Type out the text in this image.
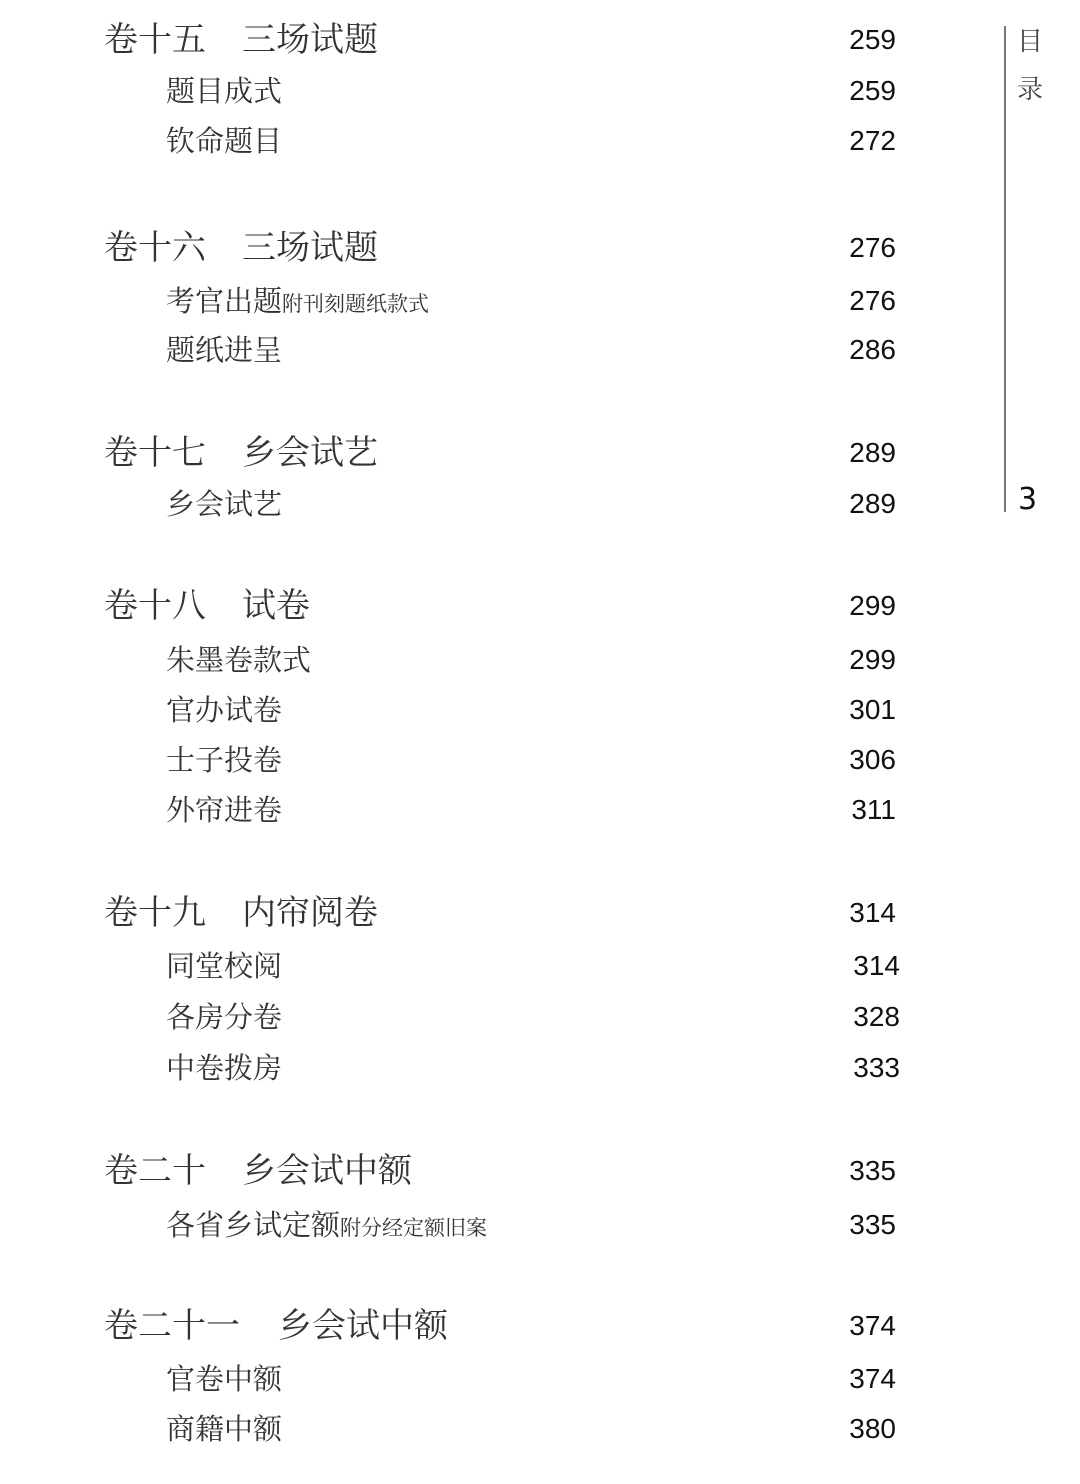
卷十五 三场试题	259
题目成式	259
钦命题目	272
卷十六 三场试题	276
考官出题附刊刻题纸款式	276
题纸进呈	286
卷十七 乡会试艺	289
乡会试艺	289
卷十八 试卷	299
朱墨卷款式	299
官办试卷	301
士子投卷	306
外帘进卷	311
卷十九 内帘阅卷	314
同堂校阅	314
各房分卷	328
中卷拨房	333
卷二十 乡会试中额	335
各省乡试定额附分经定额旧案	335
卷二十一 乡会试中额	374
官卷中额	374
商籍中额	380
目录
3
